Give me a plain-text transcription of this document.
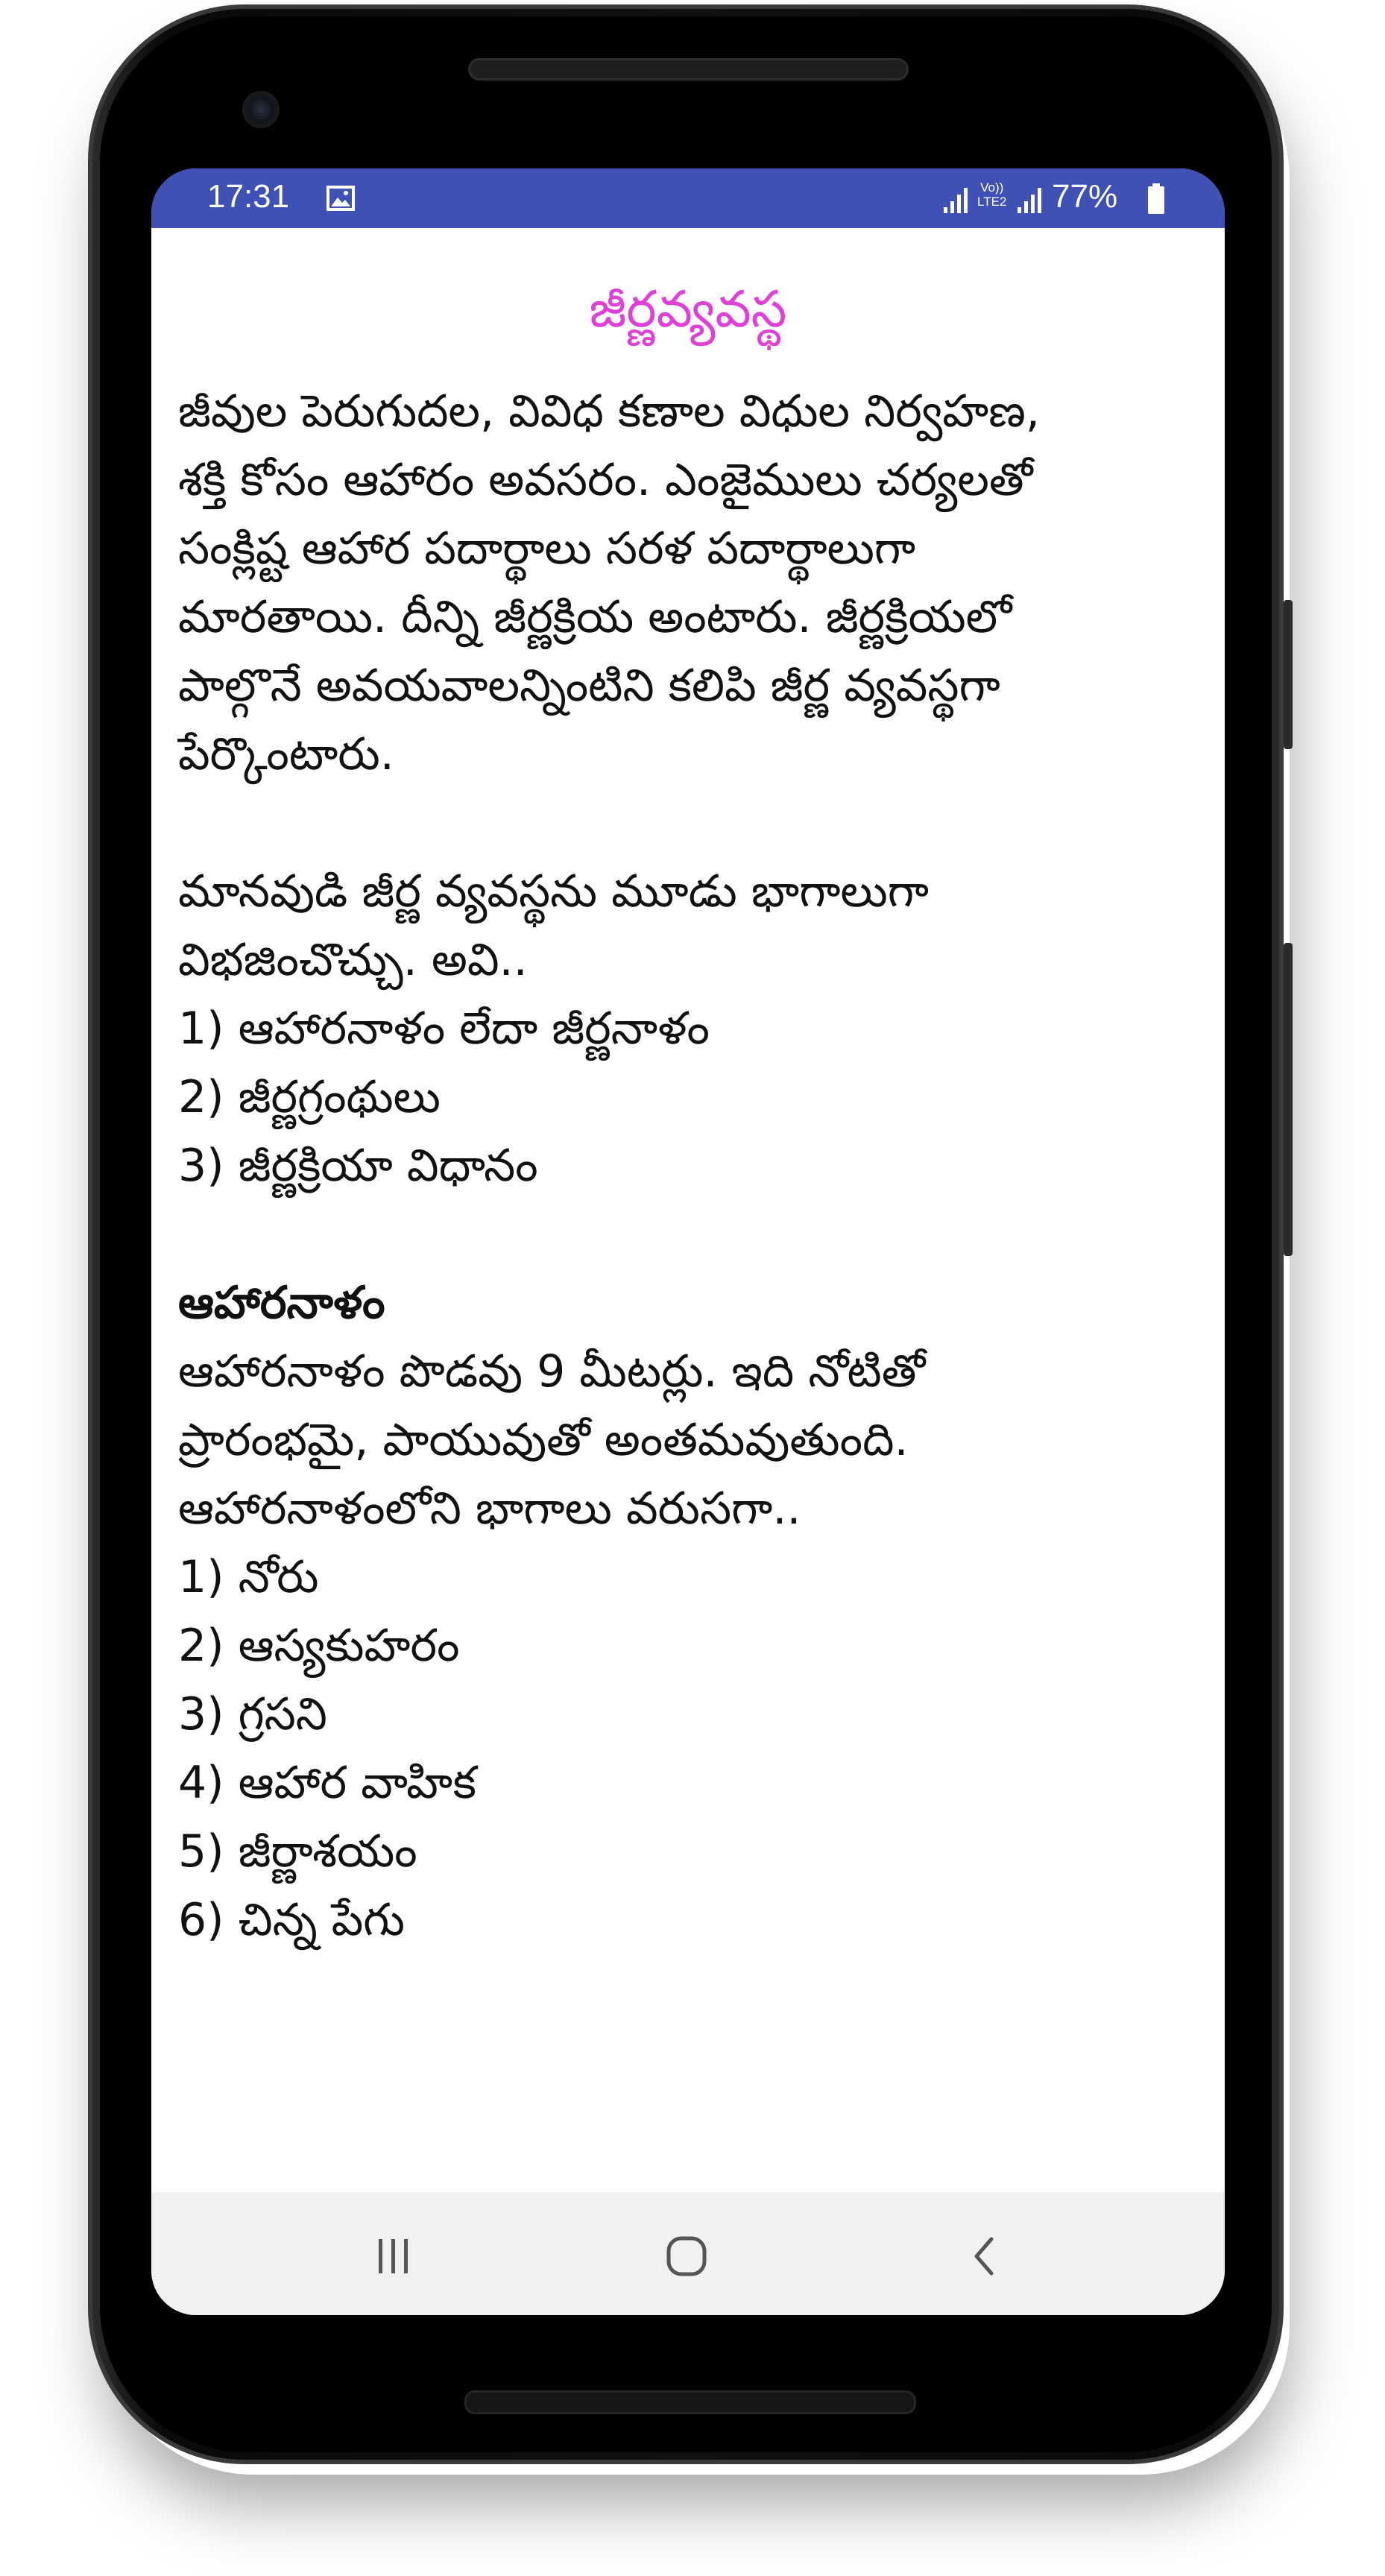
17:31	Vo))
LTE2 77%
జీర్ణవ్యవస్థ
జీవుల పెరుగుదల, వివిధ కణాల విధుల నిర్వహణ,
శక్తి కోసం ఆహారం అవసరం. ఎంజైములు చర్యలతో
సంక్లిష్ట ఆహార పదార్థాలు సరళ పదార్థాలుగా
మారతాయి. దీన్ని జీర్ణక్రియ అంటారు. జీర్ణక్రియలో
పాల్గొనే అవయవాలన్నింటిని కలిపి జీర్ణ వ్యవస్థగా
పేర్కొంటారు.
మానవుడి జీర్ణ వ్యవస్థను మూడు భాగాలుగా
విభజించొచ్చు. అవి..
1) ఆహారనాళం లేదా జీర్ణనాళం
2) జీర్ణగ్రంథులు
3) జీర్ణక్రియా విధానం
ఆహారనాళం
ఆహారనాళం పొడవు 9 మీటర్లు. ఇది నోటితో
ప్రారంభమై, పాయువుతో అంతమవుతుంది.
ఆహారనాళంలోని భాగాలు వరుసగా..
1) నోరు
2) ఆస్యకుహరం
3) గ్రసని
4) ఆహార వాహిక
5) జీర్ణాశయం
6) చిన్న పేగు
